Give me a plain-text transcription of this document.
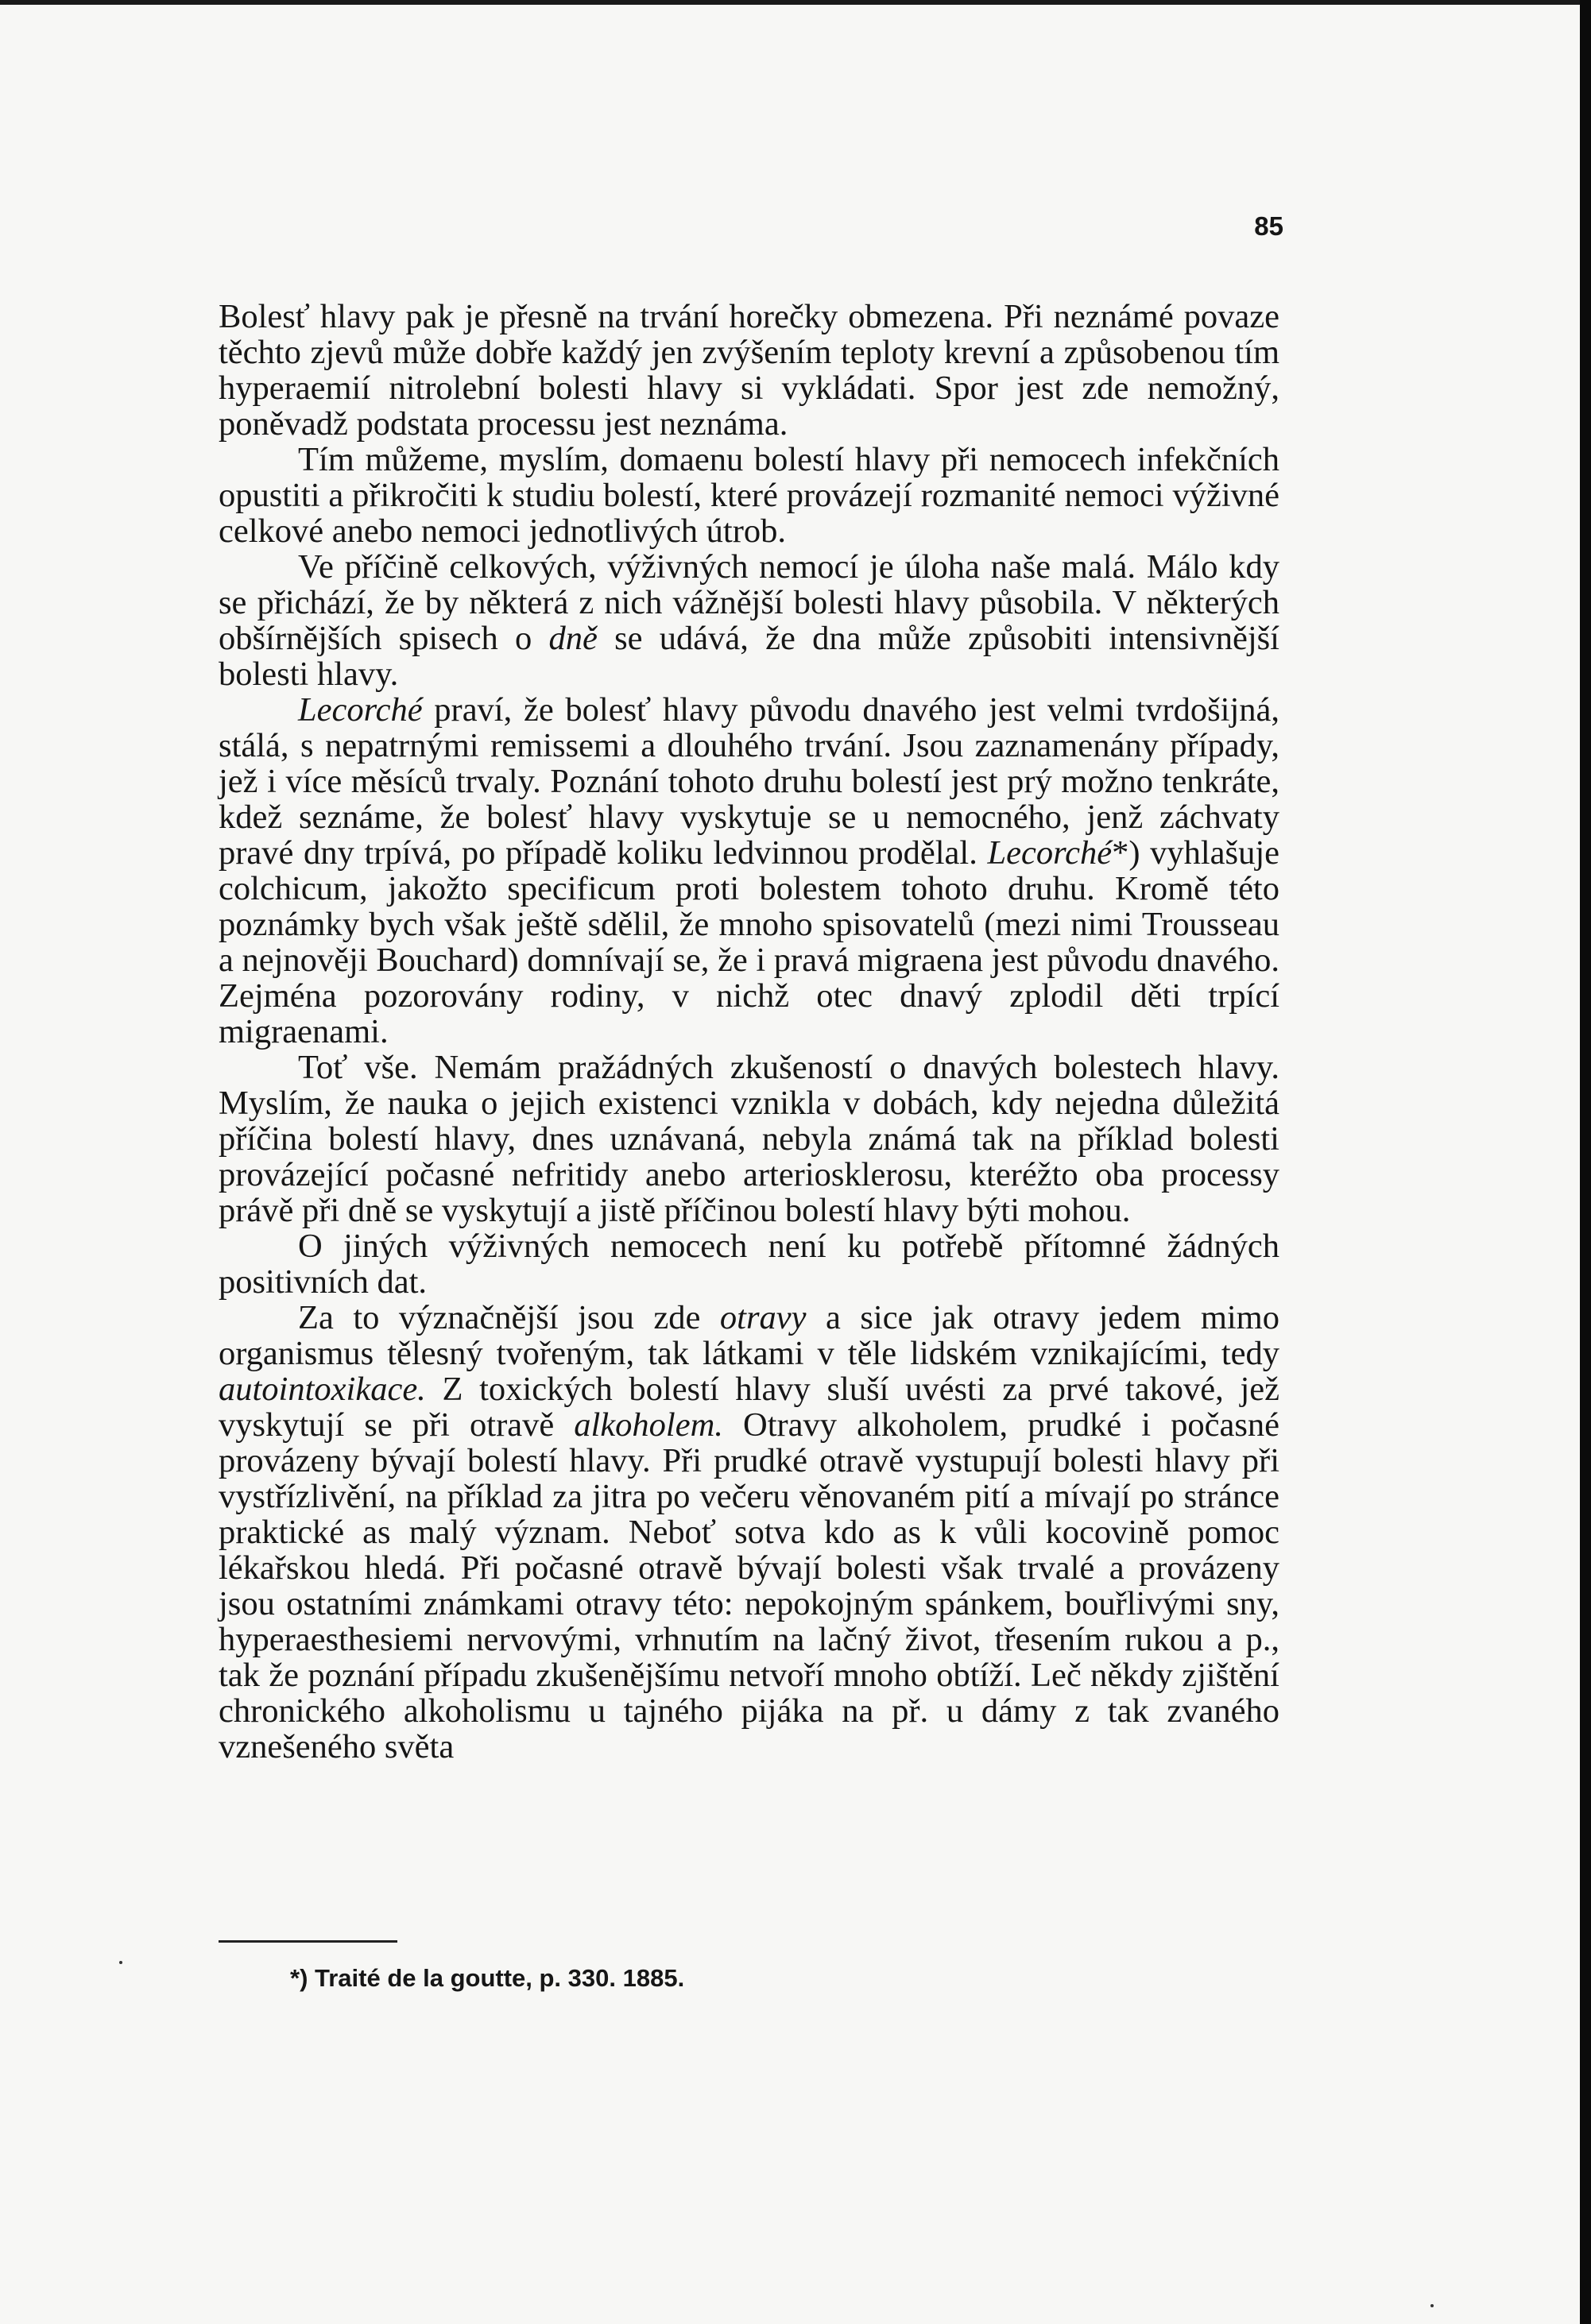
85

Bolesť hlavy pak je přesně na trvání horečky obmezena. Při neznámé povaze těchto zjevů může dobře každý jen zvýšením teploty krevní a způsobenou tím hyperaemií nitrolební bolesti hlavy si vykládati. Spor jest zde nemožný, poněvadž podstata processu jest neznáma.

Tím můžeme, myslím, domaenu bolestí hlavy při nemocech infekčních opustiti a přikročiti k studiu bolestí, které provázejí rozmanité nemoci výživné celkové anebo nemoci jednotlivých útrob.

Ve příčině celkových, výživných nemocí je úloha naše malá. Málo kdy se přichází, že by některá z nich vážnější bolesti hlavy působila. V některých obšírnějších spisech o dně se udává, že dna může způsobiti intensivnější bolesti hlavy.

Lecorché praví, že bolesť hlavy původu dnavého jest velmi tvrdošijná, stálá, s nepatrnými remissemi a dlouhého trvání. Jsou zaznamenány případy, jež i více měsíců trvaly. Poznání tohoto druhu bolestí jest prý možno tenkráte, kdež seznáme, že bolesť hlavy vyskytuje se u nemocného, jenž záchvaty pravé dny trpívá, po případě koliku ledvinnou prodělal. Lecorché*) vyhlašuje colchicum, jakožto specificum proti bolestem tohoto druhu. Kromě této poznámky bych však ještě sdělil, že mnoho spisovatelů (mezi nimi Trousseau a nejnověji Bouchard) domnívají se, že i pravá migraena jest původu dnavého. Zejména pozorovány rodiny, v nichž otec dnavý zplodil děti trpící migraenami.

Toť vše. Nemám pražádných zkušeností o dnavých bolestech hlavy. Myslím, že nauka o jejich existenci vznikla v dobách, kdy nejedna důležitá příčina bolestí hlavy, dnes uznávaná, nebyla známá tak na příklad bolesti provázející počasné nefritidy anebo arteriosklerosu, kteréžto oba processy právě při dně se vyskytují a jistě příčinou bolestí hlavy býti mohou.

O jiných výživných nemocech není ku potřebě přítomné žádných positivních dat.

Za to význačnější jsou zde otravy a sice jak otravy jedem mimo organismus tělesný tvořeným, tak látkami v těle lidském vznikajícími, tedy autointoxikace. Z toxických bolestí hlavy sluší uvésti za prvé takové, jež vyskytují se při otravě alkoholem. Otravy alkoholem, prudké i počasné provázeny bývají bolestí hlavy. Při prudké otravě vystupují bolesti hlavy při vystřízlivění, na příklad za jitra po večeru věnovaném pití a mívají po stránce praktické as malý význam. Neboť sotva kdo as k vůli kocovině pomoc lékařskou hledá. Při počasné otravě bývají bolesti však trvalé a provázeny jsou ostatními známkami otravy této: nepokojným spánkem, bouřlivými sny, hyperaesthesiemi nervovými, vrhnutím na lačný život, třesením rukou a p., tak že poznání případu zkušenějšímu netvoří mnoho obtíží. Leč někdy zjištění chronického alkoholismu u tajného pijáka na př. u dámy z tak zvaného vznešeného světa

*) Traité de la goutte, p. 330. 1885.
